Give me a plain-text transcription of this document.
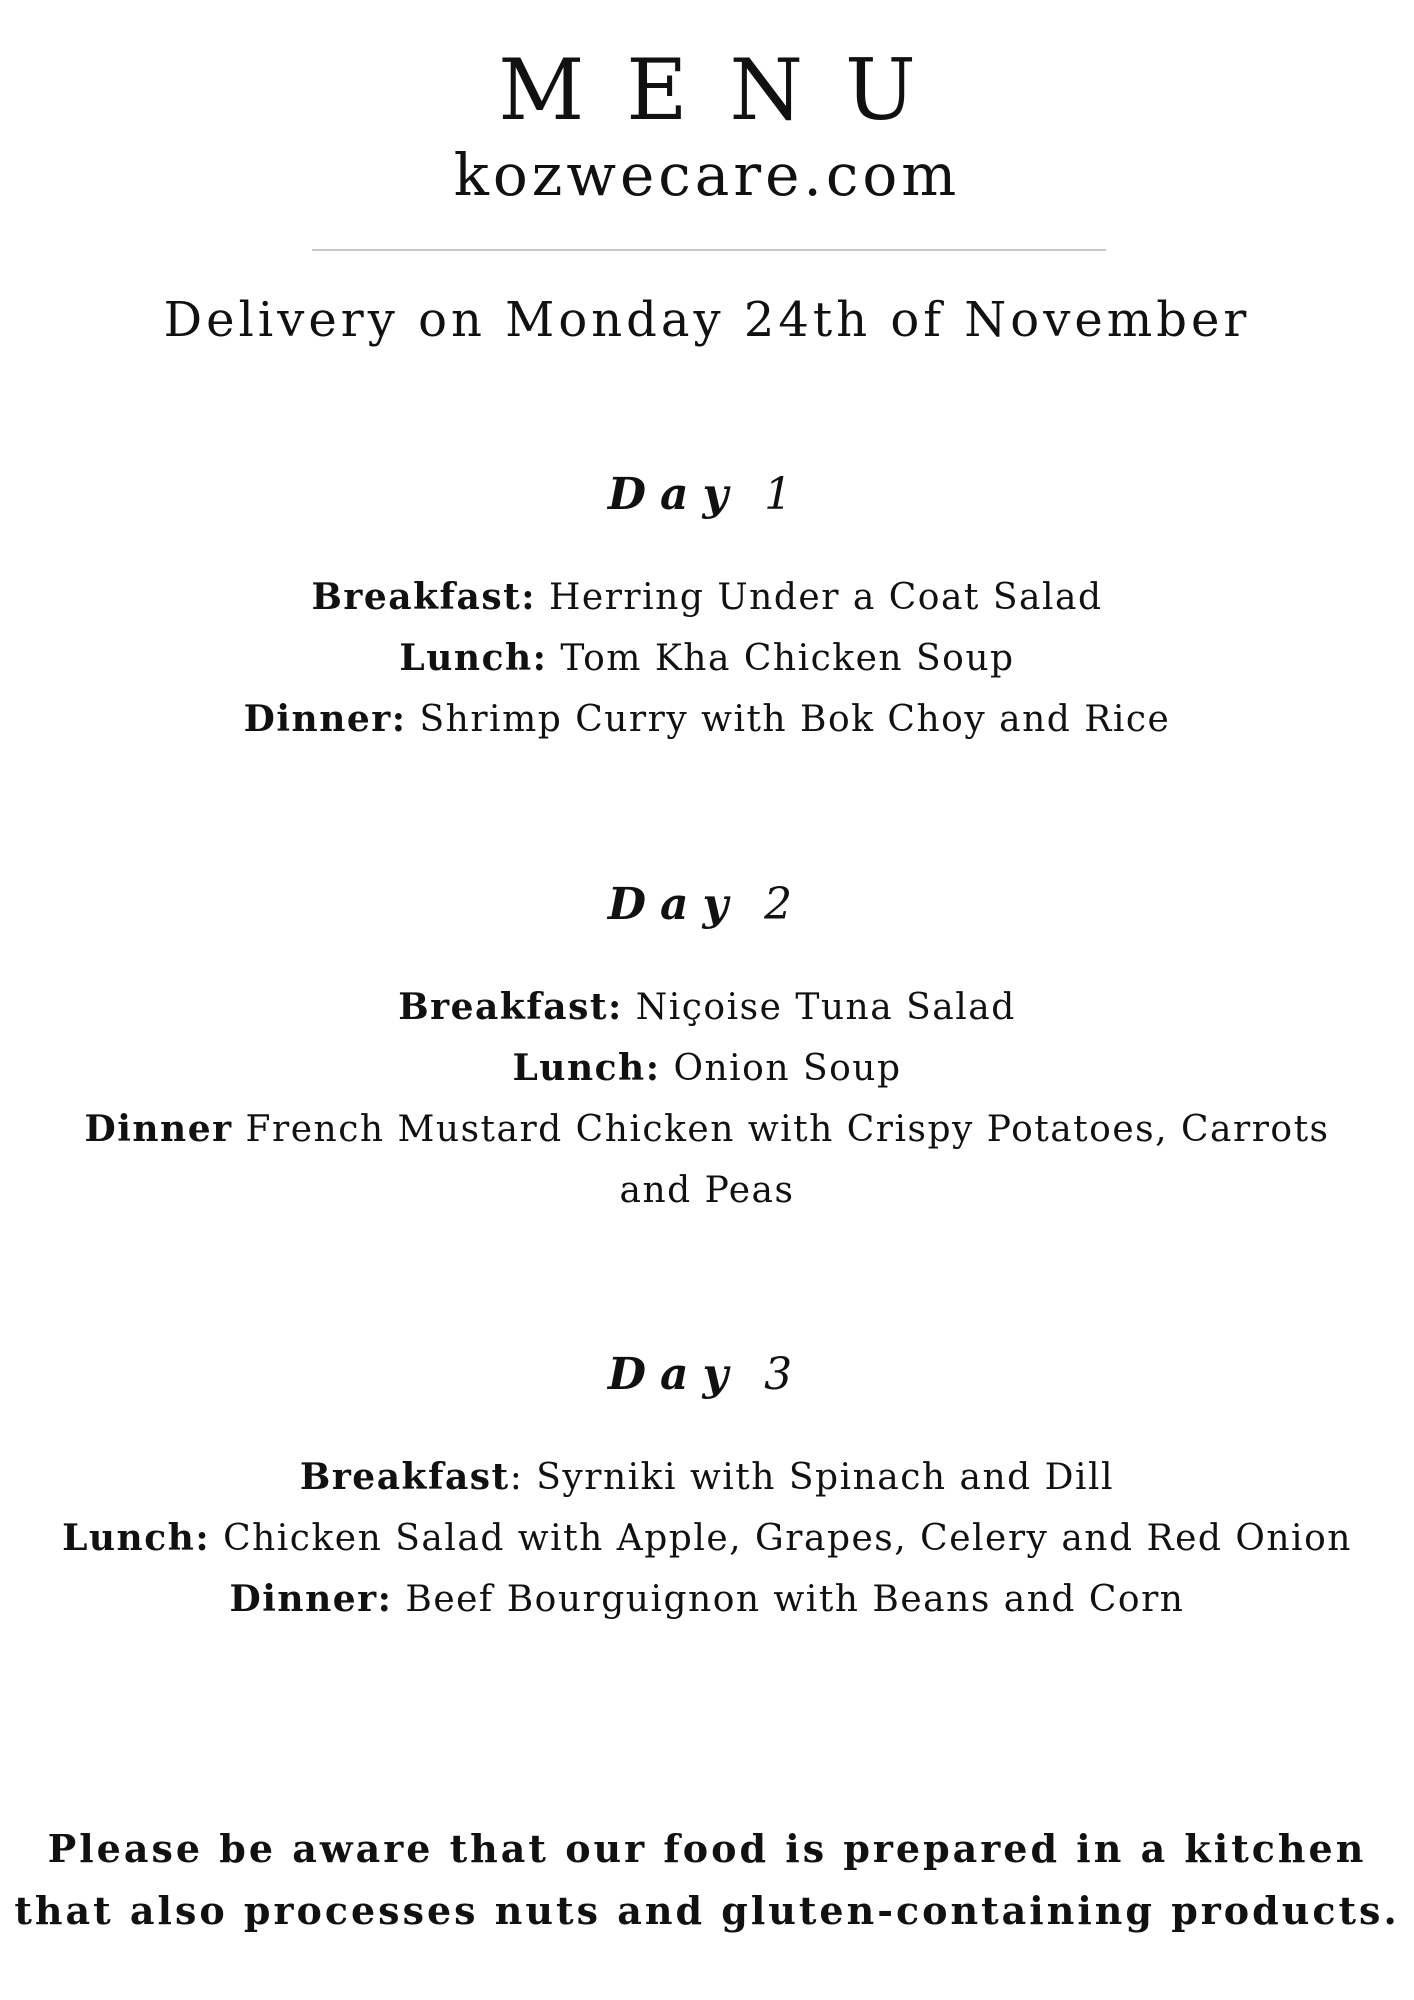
MENU
kozwecare.com
Delivery on Monday 24th of November
Day 1
Breakfast: Herring Under a Coat Salad
Lunch: Tom Kha Chicken Soup
Dinner: Shrimp Curry with Bok Choy and Rice
Day 2
Breakfast: Niçoise Tuna Salad
Lunch: Onion Soup
Dinner French Mustard Chicken with Crispy Potatoes, Carrots and Peas
Day 3
Breakfast: Syrniki with Spinach and Dill
Lunch: Chicken Salad with Apple, Grapes, Celery and Red Onion
Dinner: Beef Bourguignon with Beans and Corn
Please be aware that our food is prepared in a kitchen that also processes nuts and gluten-containing products.
